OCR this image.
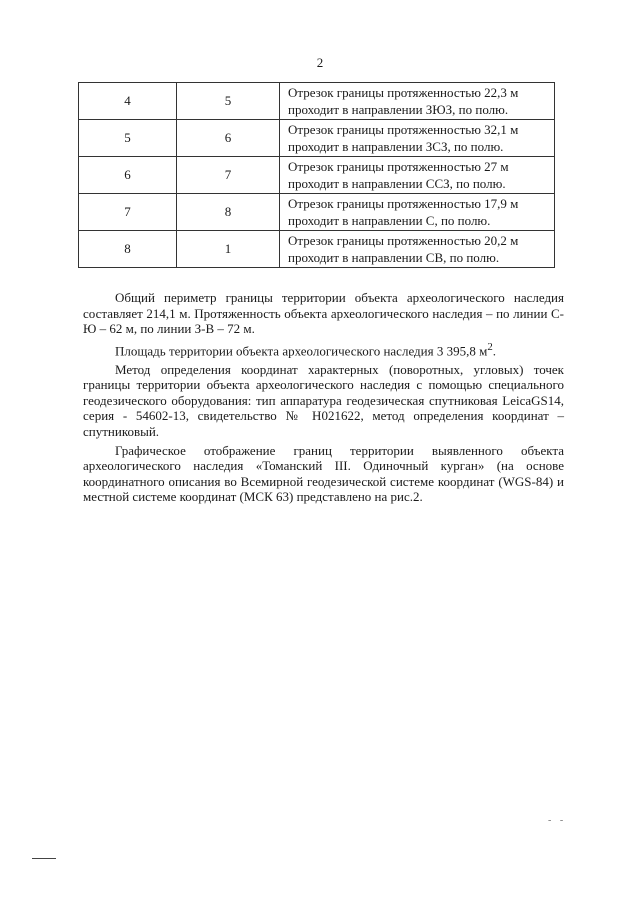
2
4	5	Отрезок границы протяженностью 22,3 м
проходит в направлении ЗЮЗ, по полю.

5	6	Отрезок границы протяженностью 32,1 м
проходит в направлении ЗСЗ, по полю.

6	7	Отрезок границы протяженностью 27 м
проходит в направлении ССЗ, по полю.

7	8	Отрезок границы протяженностью 17,9 м
проходит в направлении С, по полю.

8	1	Отрезок границы протяженностью 20,2 м
проходит в направлении СВ, по полю.

Общий периметр границы территории объекта археологического наследия составляет 214,1 м. Протяженность объекта археологического наследия – по линии С-Ю – 62 м, по линии З-В – 72 м.

Площадь территории объекта археологического наследия 3 395,8 $м^2$.

Метод определения координат характерных (поворотных, угловых) точек границы территории объекта археологического наследия с помощью специального геодезического оборудования: тип аппаратура геодезическая спутниковая LeicaGS14, серия - 54602-13, свидетельство № Н021622, метод определения координат – спутниковый.

Графическое отображение границ территории выявленного объекта археологического наследия «Томанский III. Одиночный курган» (на основе координатного описания во Всемирной геодезической системе координат (WGS-84) и местной системе координат (МСК 63) представлено на рис.2.

- -
